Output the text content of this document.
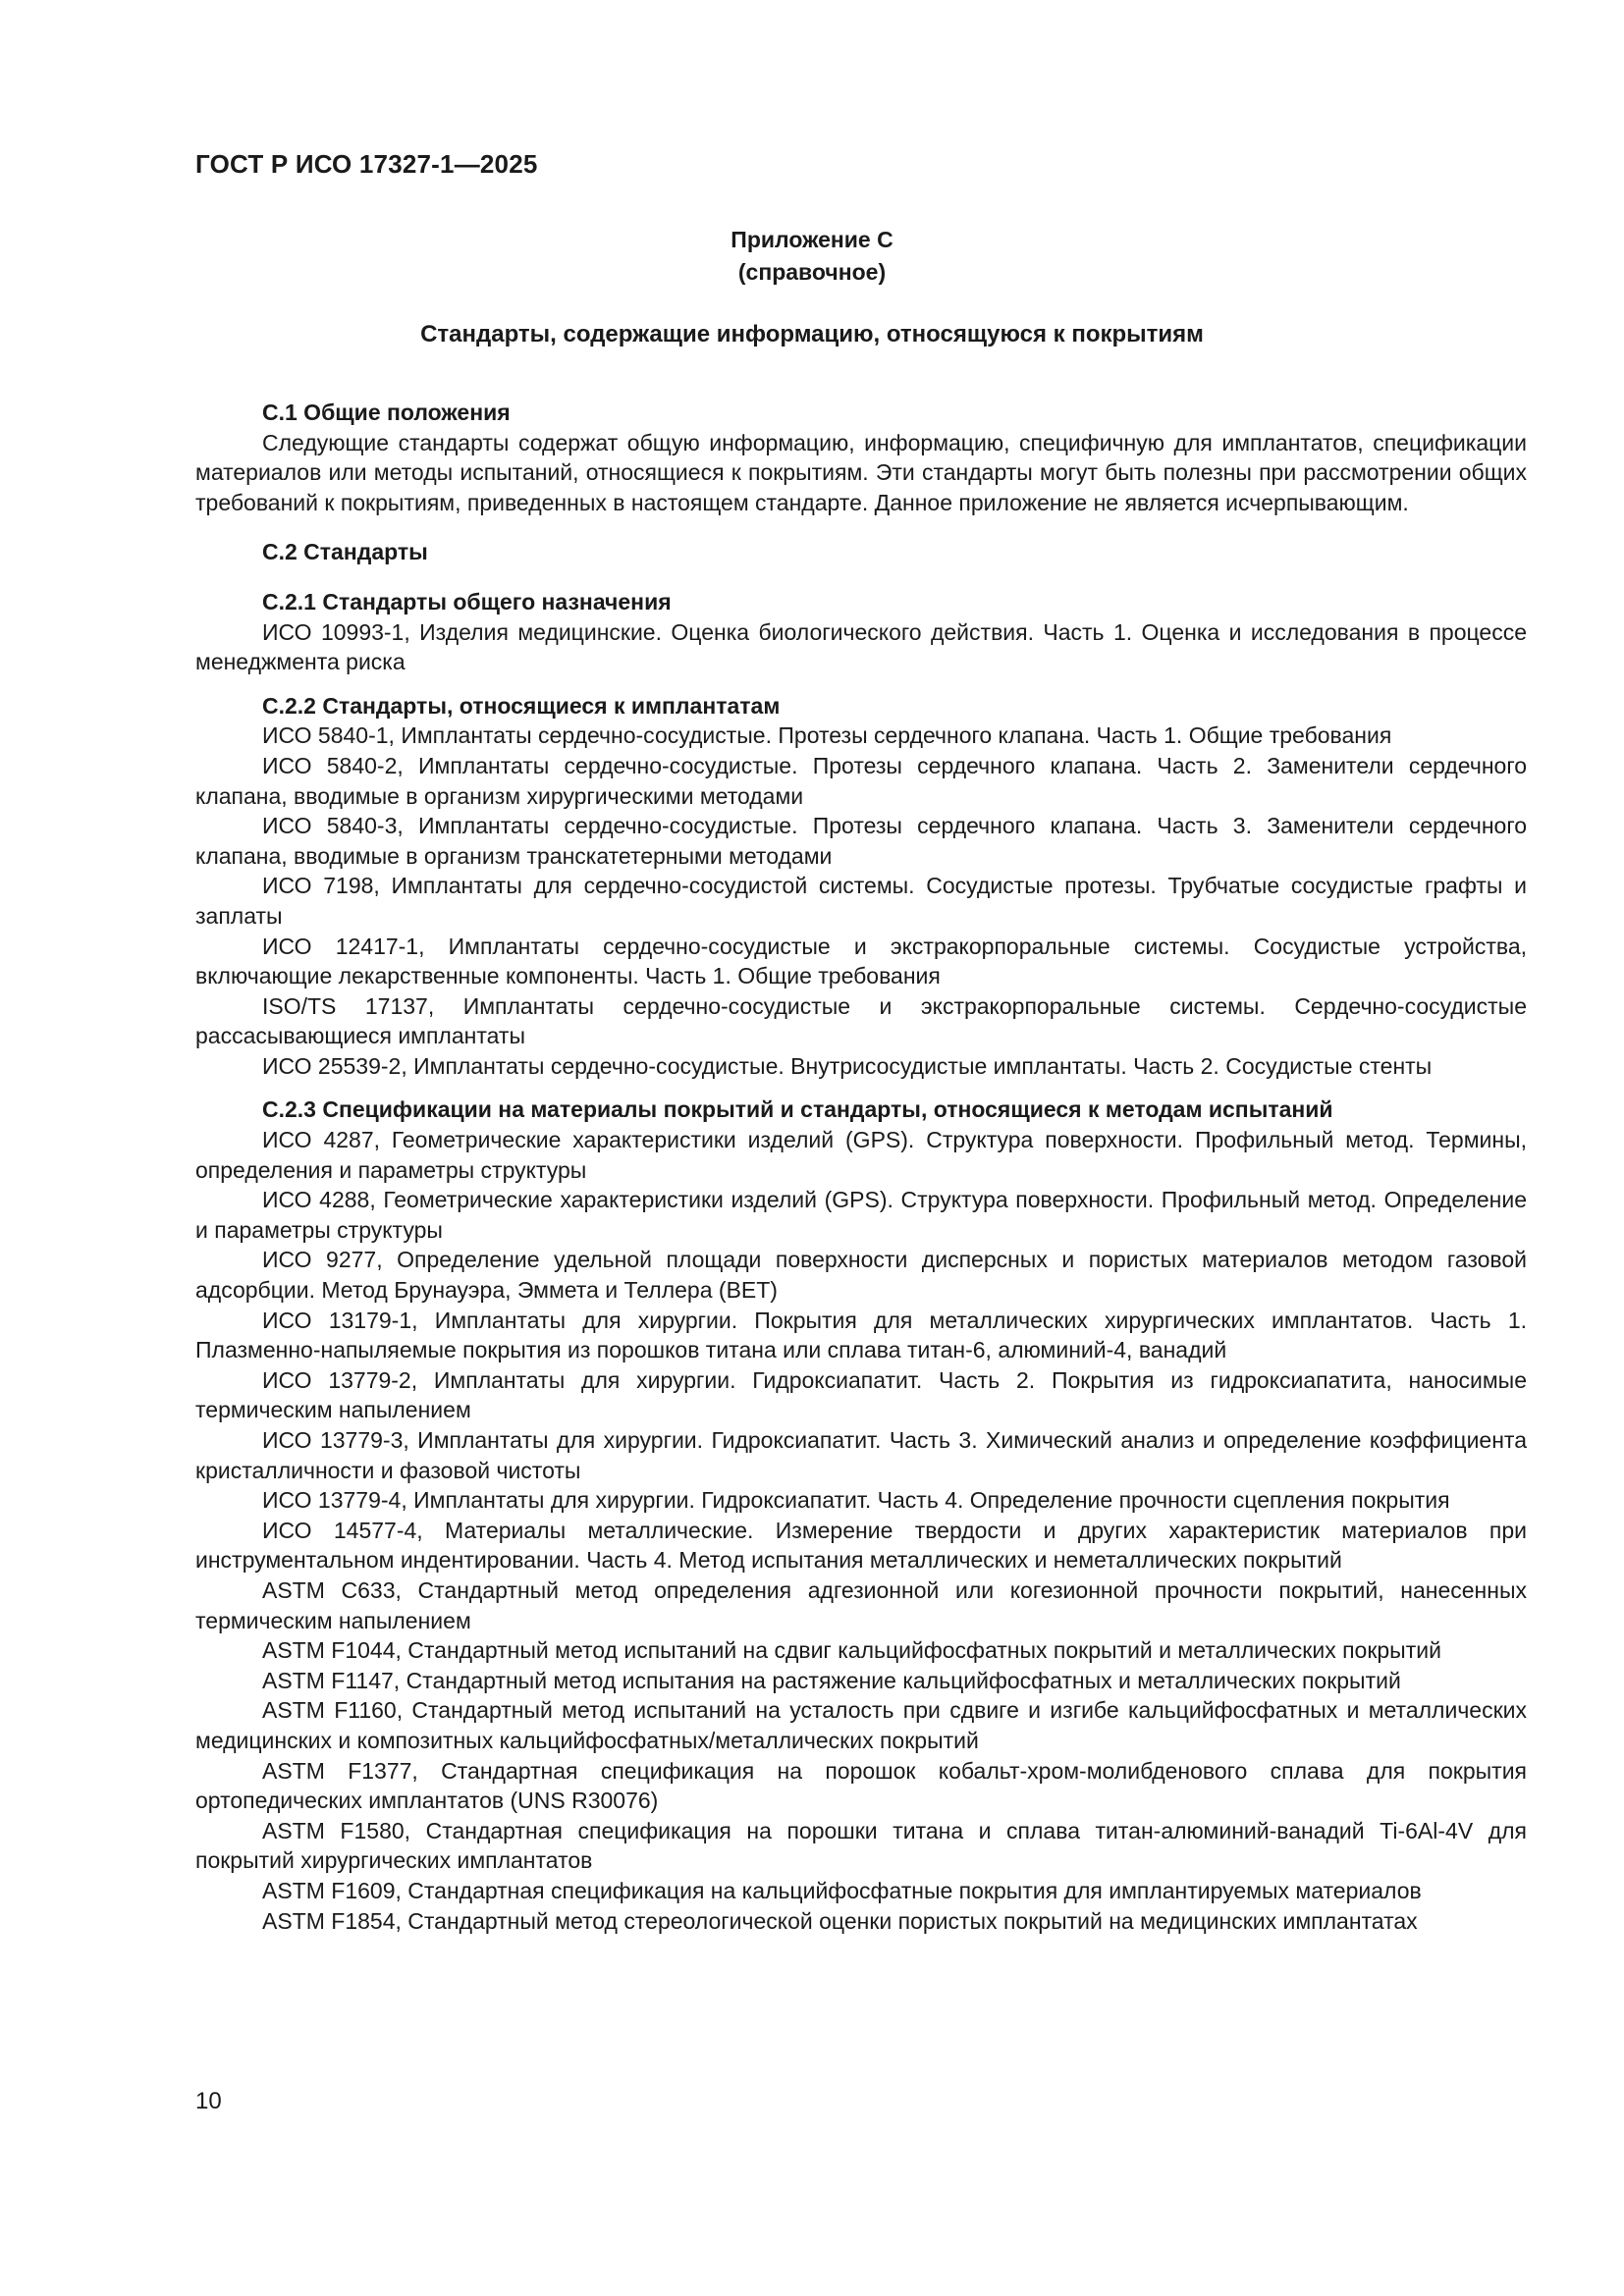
ГОСТ Р ИСО 17327-1—2025
Приложение С
(справочное)
Стандарты, содержащие информацию, относящуюся к покрытиям
С.1 Общие положения
Следующие стандарты содержат общую информацию, информацию, специфичную для имплантатов, спецификации материалов или методы испытаний, относящиеся к покрытиям. Эти стандарты могут быть полезны при рассмотрении общих требований к покрытиям, приведенных в настоящем стандарте. Данное приложение не является исчерпывающим.
С.2 Стандарты
С.2.1 Стандарты общего назначения
ИСО 10993-1, Изделия медицинские. Оценка биологического действия. Часть 1. Оценка и исследования в процессе менеджмента риска
С.2.2 Стандарты, относящиеся к имплантатам
ИСО 5840-1, Имплантаты сердечно-сосудистые. Протезы сердечного клапана. Часть 1. Общие требования
ИСО 5840-2, Имплантаты сердечно-сосудистые. Протезы сердечного клапана. Часть 2. Заменители сердечного клапана, вводимые в организм хирургическими методами
ИСО 5840-3, Имплантаты сердечно-сосудистые. Протезы сердечного клапана. Часть 3. Заменители сердечного клапана, вводимые в организм транскатетерными методами
ИСО 7198, Имплантаты для сердечно-сосудистой системы. Сосудистые протезы. Трубчатые сосудистые графты и заплаты
ИСО 12417-1, Имплантаты сердечно-сосудистые и экстракорпоральные системы. Сосудистые устройства, включающие лекарственные компоненты. Часть 1. Общие требования
ISO/TS 17137, Имплантаты сердечно-сосудистые и экстракорпоральные системы. Сердечно-сосудистые рассасывающиеся имплантаты
ИСО 25539-2, Имплантаты сердечно-сосудистые. Внутрисосудистые имплантаты. Часть 2. Сосудистые стенты
С.2.3 Спецификации на материалы покрытий и стандарты, относящиеся к методам испытаний
ИСО 4287, Геометрические характеристики изделий (GPS). Структура поверхности. Профильный метод. Термины, определения и параметры структуры
ИСО 4288, Геометрические характеристики изделий (GPS). Структура поверхности. Профильный метод. Определение и параметры структуры
ИСО 9277, Определение удельной площади поверхности дисперсных и пористых материалов методом газовой адсорбции. Метод Брунауэра, Эммета и Теллера (BET)
ИСО 13179-1, Имплантаты для хирургии. Покрытия для металлических хирургических имплантатов. Часть 1. Плазменно-напыляемые покрытия из порошков титана или сплава титан-6, алюминий-4, ванадий
ИСО 13779-2, Имплантаты для хирургии. Гидроксиапатит. Часть 2. Покрытия из гидроксиапатита, наносимые термическим напылением
ИСО 13779-3, Имплантаты для хирургии. Гидроксиапатит. Часть 3. Химический анализ и определение коэффициента кристалличности и фазовой чистоты
ИСО 13779-4, Имплантаты для хирургии. Гидроксиапатит. Часть 4. Определение прочности сцепления покрытия
ИСО 14577-4, Материалы металлические. Измерение твердости и других характеристик материалов при инструментальном индентировании. Часть 4. Метод испытания металлических и неметаллических покрытий
ASTM C633, Стандартный метод определения адгезионной или когезионной прочности покрытий, нанесенных термическим напылением
ASTM F1044, Стандартный метод испытаний на сдвиг кальцийфосфатных покрытий и металлических покрытий
ASTM F1147, Стандартный метод испытания на растяжение кальцийфосфатных и металлических покрытий
ASTM F1160, Стандартный метод испытаний на усталость при сдвиге и изгибе кальцийфосфатных и металлических медицинских и композитных кальцийфосфатных/металлических покрытий
ASTM F1377, Стандартная спецификация на порошок кобальт-хром-молибденового сплава для покрытия ортопедических имплантатов (UNS R30076)
ASTM F1580, Стандартная спецификация на порошки титана и сплава титан-алюминий-ванадий Ti-6Al-4V для покрытий хирургических имплантатов
ASTM F1609, Стандартная спецификация на кальцийфосфатные покрытия для имплантируемых материалов
ASTM F1854, Стандартный метод стереологической оценки пористых покрытий на медицинских имплантатах
10
